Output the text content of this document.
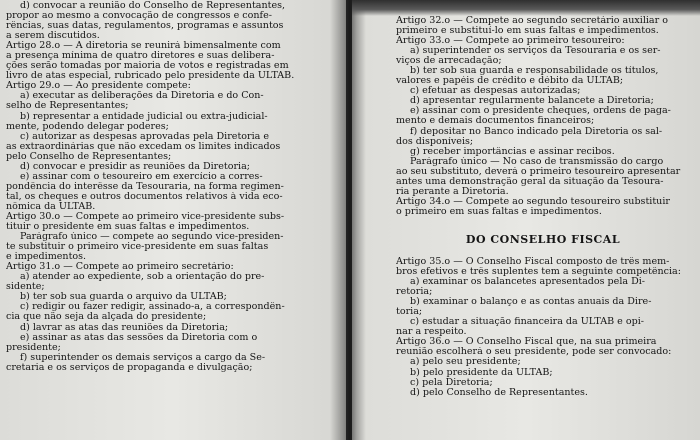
d) convocar a reunião do Conselho de Representantes,
propor ao mesmo a convocação de congressos e confe-
rências, suas datas, regulamentos, programas e assuntos
a serem discutidos.
Artigo 28.o — A diretoria se reunirá bimensalmente com
a presença mínima de quatro diretores e suas delibera-
ções serão tomadas por maioria de votos e registradas em
livro de atas especial, rubricado pelo presidente da ULTAB.
Artigo 29.o — Ao presidente compete:
a) executar as deliberações da Diretoria e do Con-
selho de Representantes;
b) representar a entidade judicial ou extra-judicial-
mente, podendo delegar poderes;
c) autorizar as despesas aprovadas pela Diretoria e
as extraordinárias que não excedam os limites indicados
pelo Conselho de Representantes;
d) convocar e presidir as reuniões da Diretoria;
e) assinar com o tesoureiro em exercício a corres-
pondência do interêsse da Tesouraria, na forma regimen-
tal, os cheques e outros documentos relativos à vida eco-
nômica da ULTAB.
Artigo 30.o — Compete ao primeiro vice-presidente subs-
tituir o presidente em suas faltas e impedimentos.
Parágrafo único — compete ao segundo vice-presiden-
te substituir o primeiro vice-presidente em suas faltas
e impedimentos.
Artigo 31.o — Compete ao primeiro secretário:
a) atender ao expediente, sob a orientação do pre-
sidente;
b) ter sob sua guarda o arquivo da ULTAB;
c) redigir ou fazer redigir, assinado-a, a correspondên-
cia que não seja da alçada do presidente;
d) lavrar as atas das reuniões da Diretoria;
e) assinar as atas das sessões da Diretoria com o
presidente;
f) superintender os demais serviços a cargo da Se-
cretaria e os serviços de propaganda e divulgação;
Artigo 32.o — Compete ao segundo secretário auxiliar o
primeiro e substituí-lo em suas faltas e impedimentos.
Artigo 33.o — Compete ao primeiro tesoureiro:
a) superintender os serviços da Tesouraria e os ser-
viços de arrecadação;
b) ter sob sua guarda e responsabilidade os títulos,
valores e papéis de crédito e débito da ULTAB;
c) efetuar as despesas autorizadas;
d) apresentar regularmente balancete a Diretoria;
e) assinar com o presidente cheques, ordens de paga-
mento e demais documentos financeiros;
f) depositar no Banco indicado pela Diretoria os sal-
dos disponíveis;
g) receber importâncias e assinar recibos.
Parágrafo único — No caso de transmissão do cargo
ao seu substituto, deverá o primeiro tesoureiro apresentar
antes uma demonstração geral da situação da Tesoura-
ria perante a Diretoria.
Artigo 34.o — Compete ao segundo tesoureiro substituir
o primeiro em suas faltas e impedimentos.
DO CONSELHO FISCAL
Artigo 35.o — O Conselho Fiscal composto de três mem-
bros efetivos e três suplentes tem a seguinte competência:
a) examinar os balancetes apresentados pela Di-
retoria;
b) examinar o balanço e as contas anuais da Dire-
toria;
c) estudar a situação financeira da ULTAB e opi-
nar a respeito.
Artigo 36.o — O Conselho Fiscal que, na sua primeira
reunião escolherá o seu presidente, pode ser convocado:
a) pelo seu presidente;
b) pelo presidente da ULTAB;
c) pela Diretoria;
d) pelo Conselho de Representantes.
